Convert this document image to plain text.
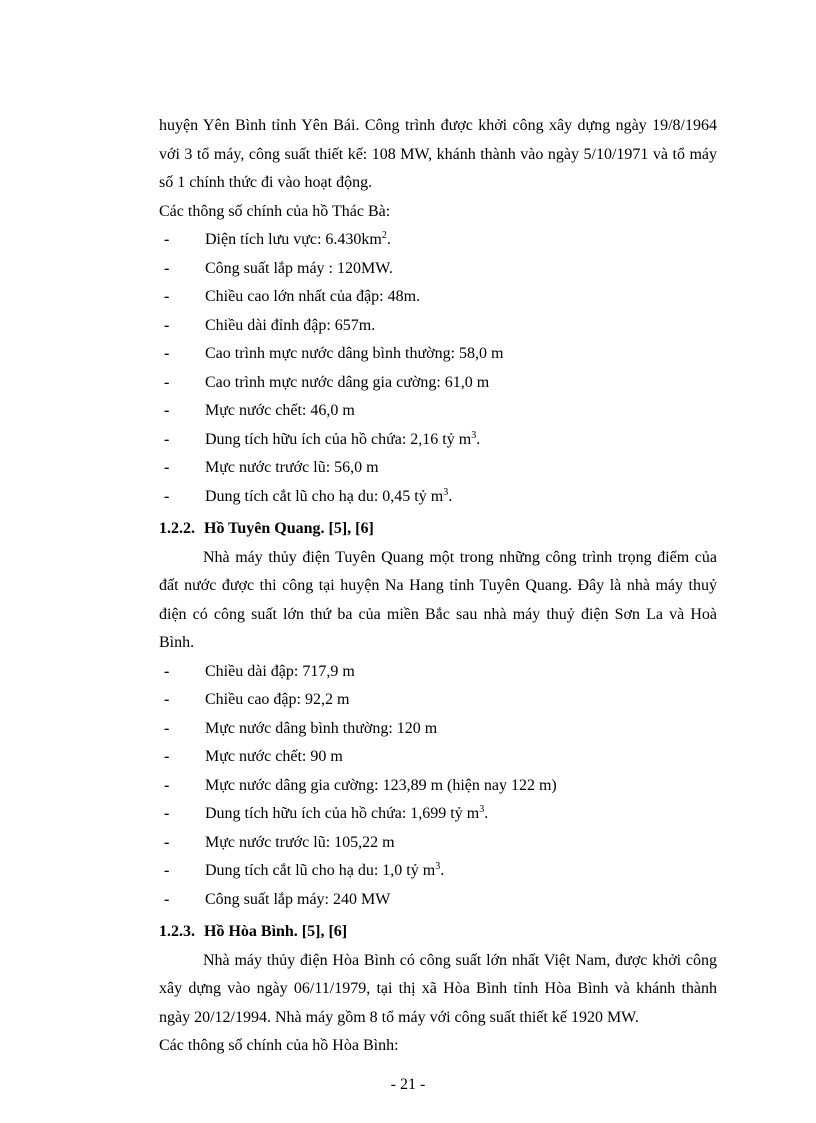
huyện Yên Bình tỉnh Yên Bái. Công trình được khởi công xây dựng ngày 19/8/1964 với 3 tổ máy, công suất thiết kế: 108 MW, khánh thành vào ngày 5/10/1971 và tổ máy số 1 chính thức đi vào hoạt động.

Các thông số chính của hồ Thác Bà:

- Diện tích lưu vực: $6.430km^2$.
- Công suất lắp máy : 120MW.
- Chiều cao lớn nhất của đập: 48m.
- Chiều dài đỉnh đập: 657m.
- Cao trình mực nước dâng bình thường: 58,0 m
- Cao trình mực nước dâng gia cường: 61,0 m
- Mực nước chết: 46,0 m
- Dung tích hữu ích của hồ chứa: 2,16 tỷ $m^3$.
- Mực nước trước lũ: 56,0 m
- Dung tích cắt lũ cho hạ du: 0,45 tỷ $m^3$.

1.2.2. Hồ Tuyên Quang. [5], [6]

Nhà máy thủy điện Tuyên Quang một trong những công trình trọng điểm của đất nước được thi công tại huyện Na Hang tỉnh Tuyên Quang. Đây là nhà máy thuỷ điện có công suất lớn thứ ba của miền Bắc sau nhà máy thuỷ điện Sơn La và Hoà Bình.

- Chiều dài đập: 717,9 m
- Chiều cao đập: 92,2 m
- Mực nước dâng bình thường: 120 m
- Mực nước chết: 90 m
- Mực nước dâng gia cường: 123,89 m (hiện nay 122 m)
- Dung tích hữu ích của hồ chứa: 1,699 tỷ $m^3$.
- Mực nước trước lũ: 105,22 m
- Dung tích cắt lũ cho hạ du: 1,0 tỷ $m^3$.
- Công suất lắp máy: 240 MW

1.2.3. Hồ Hòa Bình. [5], [6]

Nhà máy thủy điện Hòa Bình có công suất lớn nhất Việt Nam, được khởi công xây dựng vào ngày 06/11/1979, tại thị xã Hòa Bình tỉnh Hòa Bình và khánh thành ngày 20/12/1994. Nhà máy gồm 8 tổ máy với công suất thiết kế 1920 MW.

Các thông số chính của hồ Hòa Bình:

- 21 -
